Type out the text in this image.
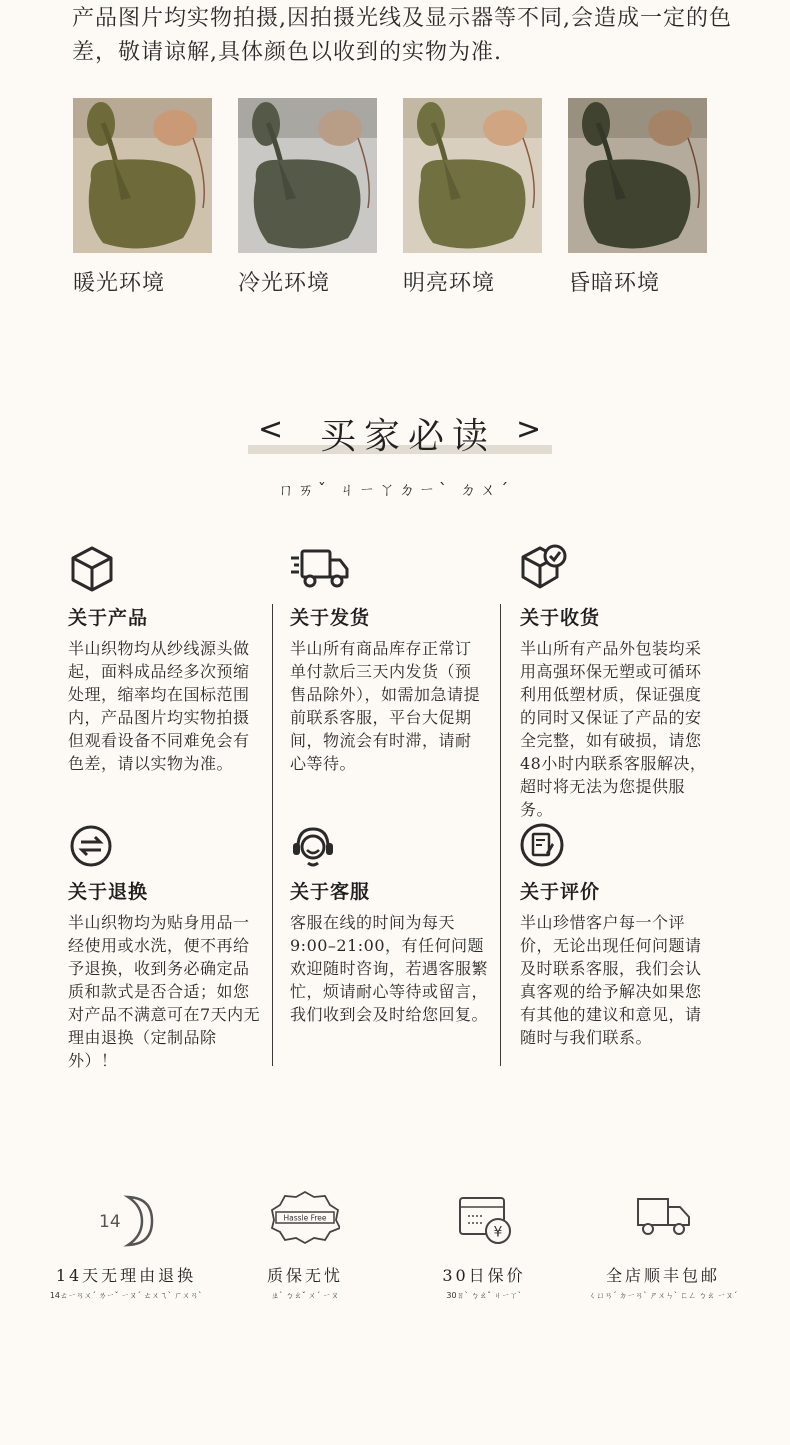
产品图片均实物拍摄,因拍摄光线及显示器等不同,会造成一定的色差，敬请谅解,具体颜色以收到的实物为准.
暖光环境	冷光环境	明亮环境	昏暗环境
< 买家必读 >
ㄇㄞˇ ㄐㄧㄚㄉㄧˋ ㄉㄨˊ
关于产品
半山织物均从纱线源头做起，面料成品经多次预缩处理，缩率均在国标范围内，产品图片均实物拍摄 但观看设备不同难免会有色差，请以实物为准。
关于发货
半山所有商品库存正常订单付款后三天内发货（预售品除外），如需加急请提前联系客服，平台大促期间，物流会有时滞，请耐心等待。
关于收货
半山所有产品外包装均采用高强环保无塑或可循环利用低塑材质，保证强度的同时又保证了产品的安全完整，如有破损，请您48小时内联系客服解决，超时将无法为您提供服务。
关于退换
半山织物均为贴身用品一经使用或水洗，便不再给予退换，收到务必确定品质和款式是否合适；如您对产品不满意可在7天内无理由退换（定制品除外）！
关于客服
客服在线的时间为每天9:00–21:00，有任何问题欢迎随时咨询，若遇客服繁忙，烦请耐心等待或留言，我们收到会及时给您回复。
关于评价
半山珍惜客户每一个评价，无论出现任何问题请及时联系客服，我们会认真客观的给予解决如果您有其他的建议和意见，请随时与我们联系。
14
14天无理由退换
14ㄊㄧㄢㄨˊ ㄌㄧˇ ㄧㄡˊ ㄊㄨㄟˋ ㄏㄨㄢˋ
Hassle Free
质保无忧
ㄓˋ ㄅㄠˇ ㄨˊ ㄧㄡ
¥
30日保价
30ㄖˋ ㄅㄠˇ ㄐㄧㄚˋ
全店顺丰包邮
ㄑㄩㄢˊ ㄉㄧㄢˋ ㄕㄨㄣˋ ㄈㄥ ㄅㄠ ㄧㄡˊ
